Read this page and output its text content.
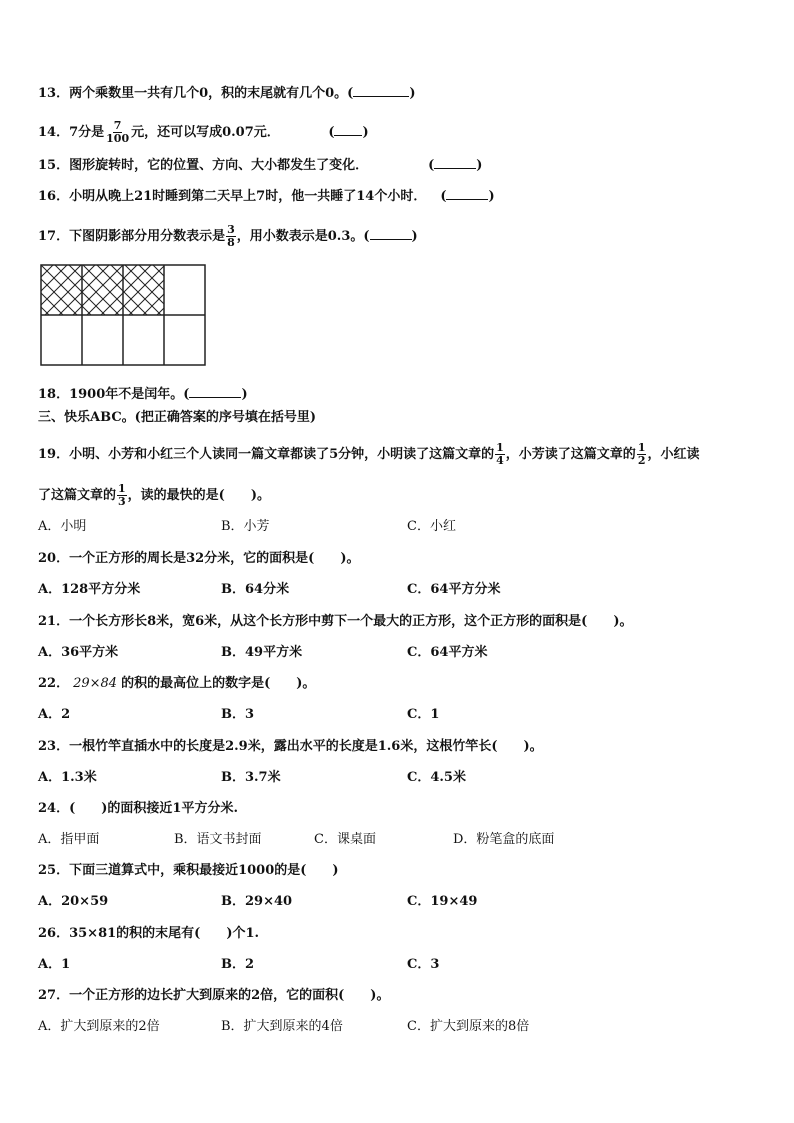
13．两个乘数里一共有几个0，积的末尾就有几个0。(	)
14．7分是 $\frac{7}{100}$ 元，还可以写成0.07元．	( )
15．图形旋转时，它的位置、方向、大小都发生了变化．	(	)
16．小明从晚上21时睡到第二天早上7时，他一共睡了14个小时． (	)
17．下图阴影部分用分数表示是 $\frac{3}{8}$ ，用小数表示是0.3。(	)
18．1900年不是闰年。(	)
三、快乐ABC。(把正确答案的序号填在括号里)
19．小明、小芳和小红三个人读同一篇文章都读了5分钟，小明读了这篇文章的 $\frac{1}{4}$ ，小芳读了这篇文章的 $\frac{1}{2}$ ，小红读
了这篇文章的 $\frac{1}{3}$ ，读的最快的是(　　)。
A．小明	B．小芳	C．小红
20．一个正方形的周长是32分米，它的面积是(　　)。
A．128平方分米	B．64分米	C．64平方分米
21．一个长方形长8米，宽6米，从这个长方形中剪下一个最大的正方形，这个正方形的面积是(　　)。
A．36平方米	B．49平方米	C．64平方米
22． 29×84 的积的最高位上的数字是(　　)。
A．2	B．3	C．1
23．一根竹竿直插水中的长度是2.9米，露出水平的长度是1.6米，这根竹竿长(　　)。
A．1.3米	B．3.7米	C．4.5米
24．(　　)的面积接近1平方分米.
A．指甲面	B．语文书封面	C．课桌面	D．粉笔盒的底面
25．下面三道算式中，乘积最接近1000的是(　　)
A．20×59	B．29×40	C．19×49
26．35×81的积的末尾有(　　)个1.
A．1	B．2	C．3
27．一个正方形的边长扩大到原来的2倍，它的面积(　　)。
A．扩大到原来的2倍	B．扩大到原来的4倍	C．扩大到原来的8倍
